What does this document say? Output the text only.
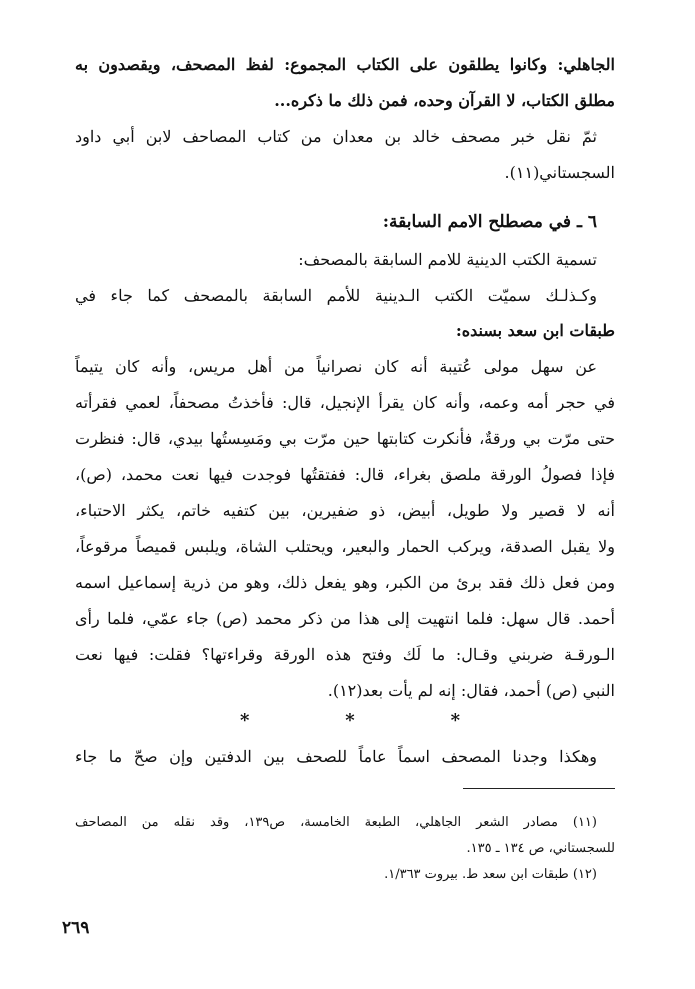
الجاهلي: وكانوا يطلقون على الكتاب المجموع: لفظ المصحف، ويقصدون به
مطلق الكتاب، لا القرآن وحده، فمن ذلك ما ذكره...
ثمّ نقل خبر مصحف خالد بن معدان من كتاب المصاحف لابن أبي داود
السجستاني(١١).
٦ ـ في مصطلح الامم السابقة:
تسمية الكتب الدينية للامم السابقة بالمصحف:
وكـذلـك سميّت الكتب الـدينية للأمم السابقة بالمصحف كما جاء في
طبقات ابن سعد بسنده:
عن سهل مولى عُتيبة أنه كان نصرانياً من أهل مريس، وأنه كان يتيماً
في حجر أمه وعمه، وأنه كان يقرأ الإنجيل، قال: فأخذتُ مصحفاً، لعمي فقرأته
حتى مرّت بي ورقةٌ، فأنكرت كتابتها حين مرّت بي ومَسِستُها بيدي، قال: فنظرت
فإذا فصولُ الورقة ملصق بغراء، قال: ففتقتُها فوجدت فيها نعت محمد، (ص)،
أنه لا قصير ولا طويل، أبيض، ذو ضفيرين، بين كتفيه خاتم، يكثر الاحتباء،
ولا يقبل الصدقة، ويركب الحمار والبعير، ويحتلب الشاة، ويلبس قميصاً مرقوعاً،
ومن فعل ذلك فقد برئ من الكبر، وهو يفعل ذلك، وهو من ذرية إسماعيل اسمه
أحمد. قال سهل: فلما انتهيت إلى هذا من ذكر محمد (ص) جاء عمّي، فلما رأى
الـورقـة ضربني وقـال: ما لَك وفتح هذه الورقة وقراءتها؟ فقلت: فيها نعت
النبي (ص) أحمد، فقال: إنه لم يأت بعد(١٢).
*	*	*
وهكذا وجدنا المصحف اسماً عاماً للصحف بين الدفتين وإن صحّ ما جاء
(١١) مصادر الشعر الجاهلي، الطبعة الخامسة، ص١٣٩، وقد نقله من المصاحف
للسجستاني، ص ١٣٤ ـ ١٣٥.
(١٢) طبقات ابن سعد ط. بيروت ١/٣٦٣.
٢٦٩
